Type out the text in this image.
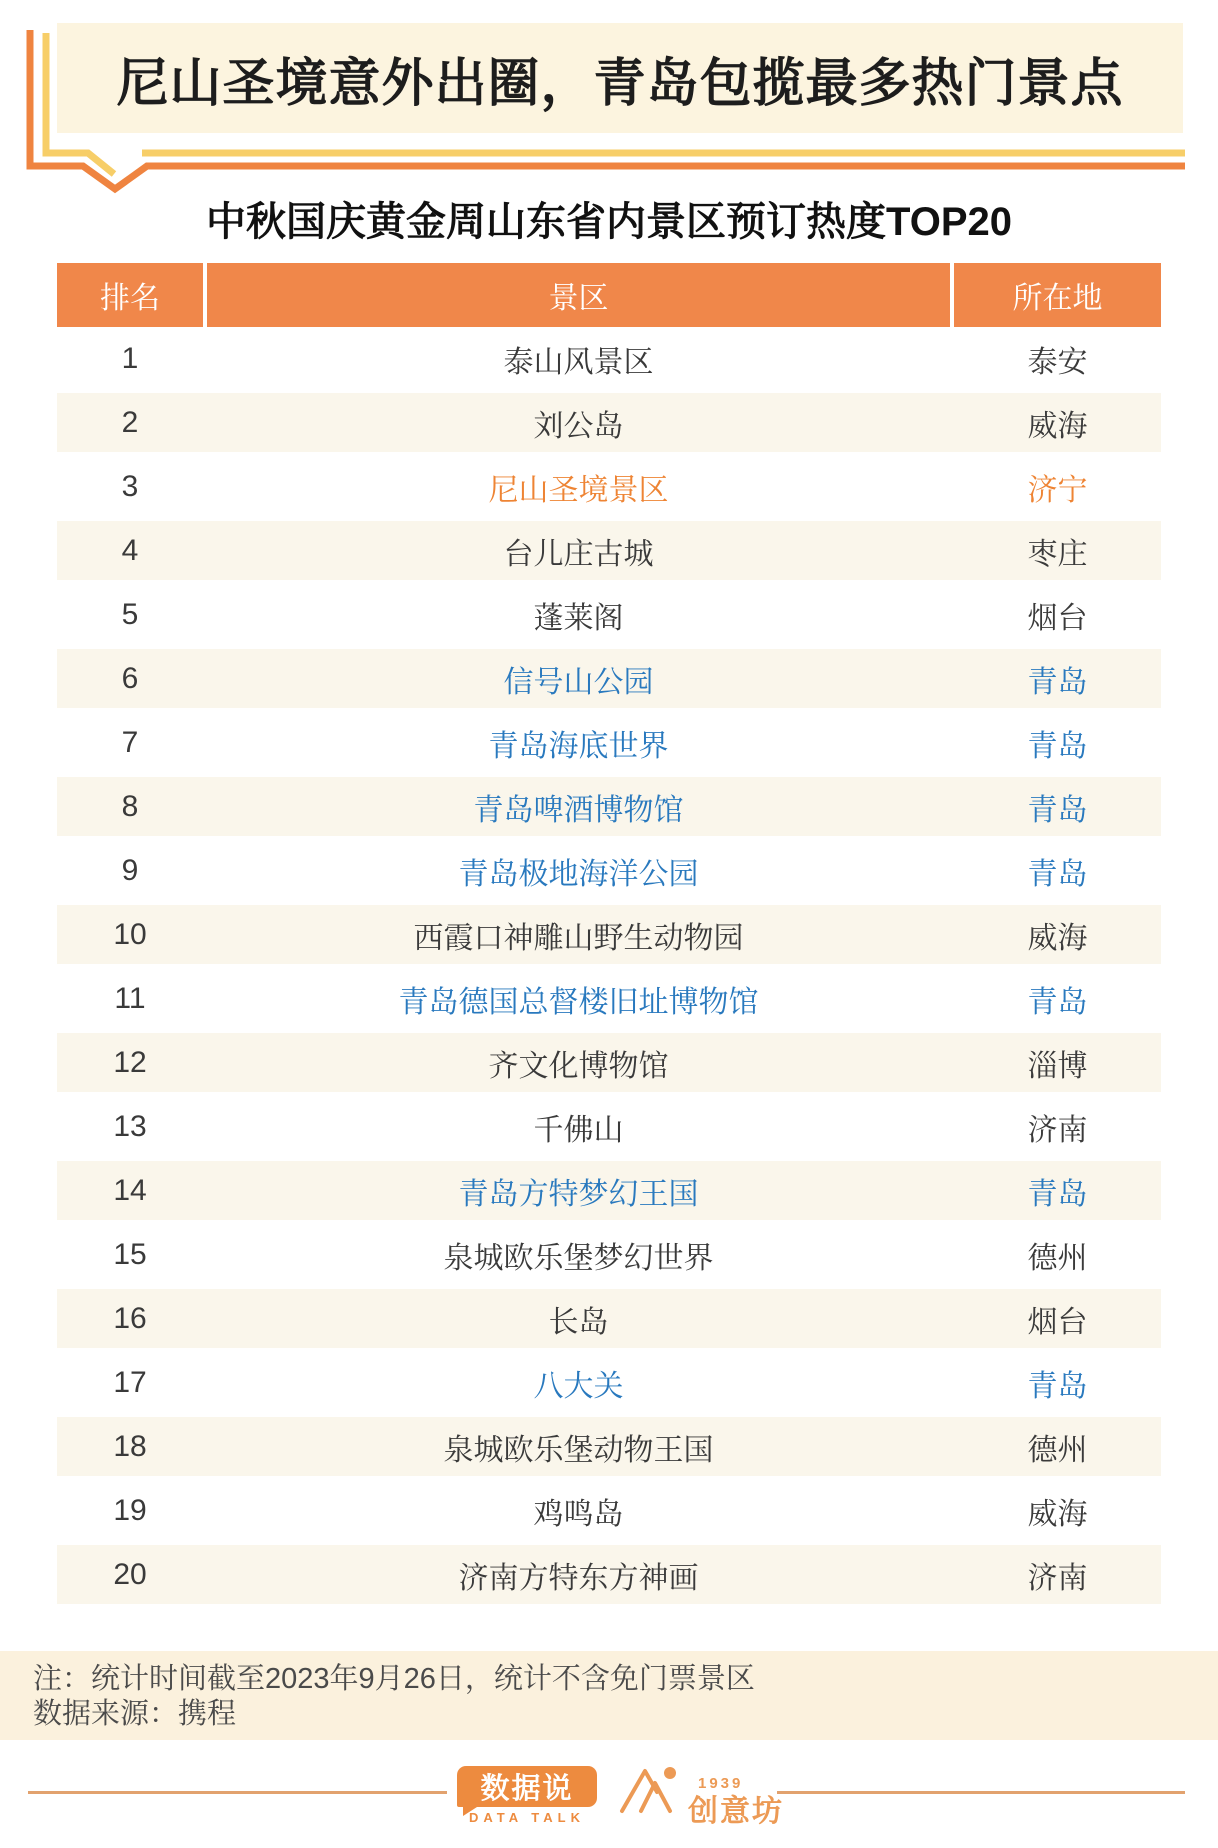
尼山圣境意外出圈，青岛包揽最多热门景点
中秋国庆黄金周山东省内景区预订热度TOP20
排名	景区	所在地
1	泰山风景区	泰安
2	刘公岛	威海
3	尼山圣境景区	济宁
4	台儿庄古城	枣庄
5	蓬莱阁	烟台
6	信号山公园	青岛
7	青岛海底世界	青岛
8	青岛啤酒博物馆	青岛
9	青岛极地海洋公园	青岛
10	西霞口神雕山野生动物园	威海
11	青岛德国总督楼旧址博物馆	青岛
12	齐文化博物馆	淄博
13	千佛山	济南
14	青岛方特梦幻王国	青岛
15	泉城欧乐堡梦幻世界	德州
16	长岛	烟台
17	八大关	青岛
18	泉城欧乐堡动物王国	德州
19	鸡鸣岛	威海
20	济南方特东方神画	济南
注：统计时间截至2023年9月26日，统计不含免门票景区
数据来源：携程
数据说
DATA TALK
1939
创意坊
